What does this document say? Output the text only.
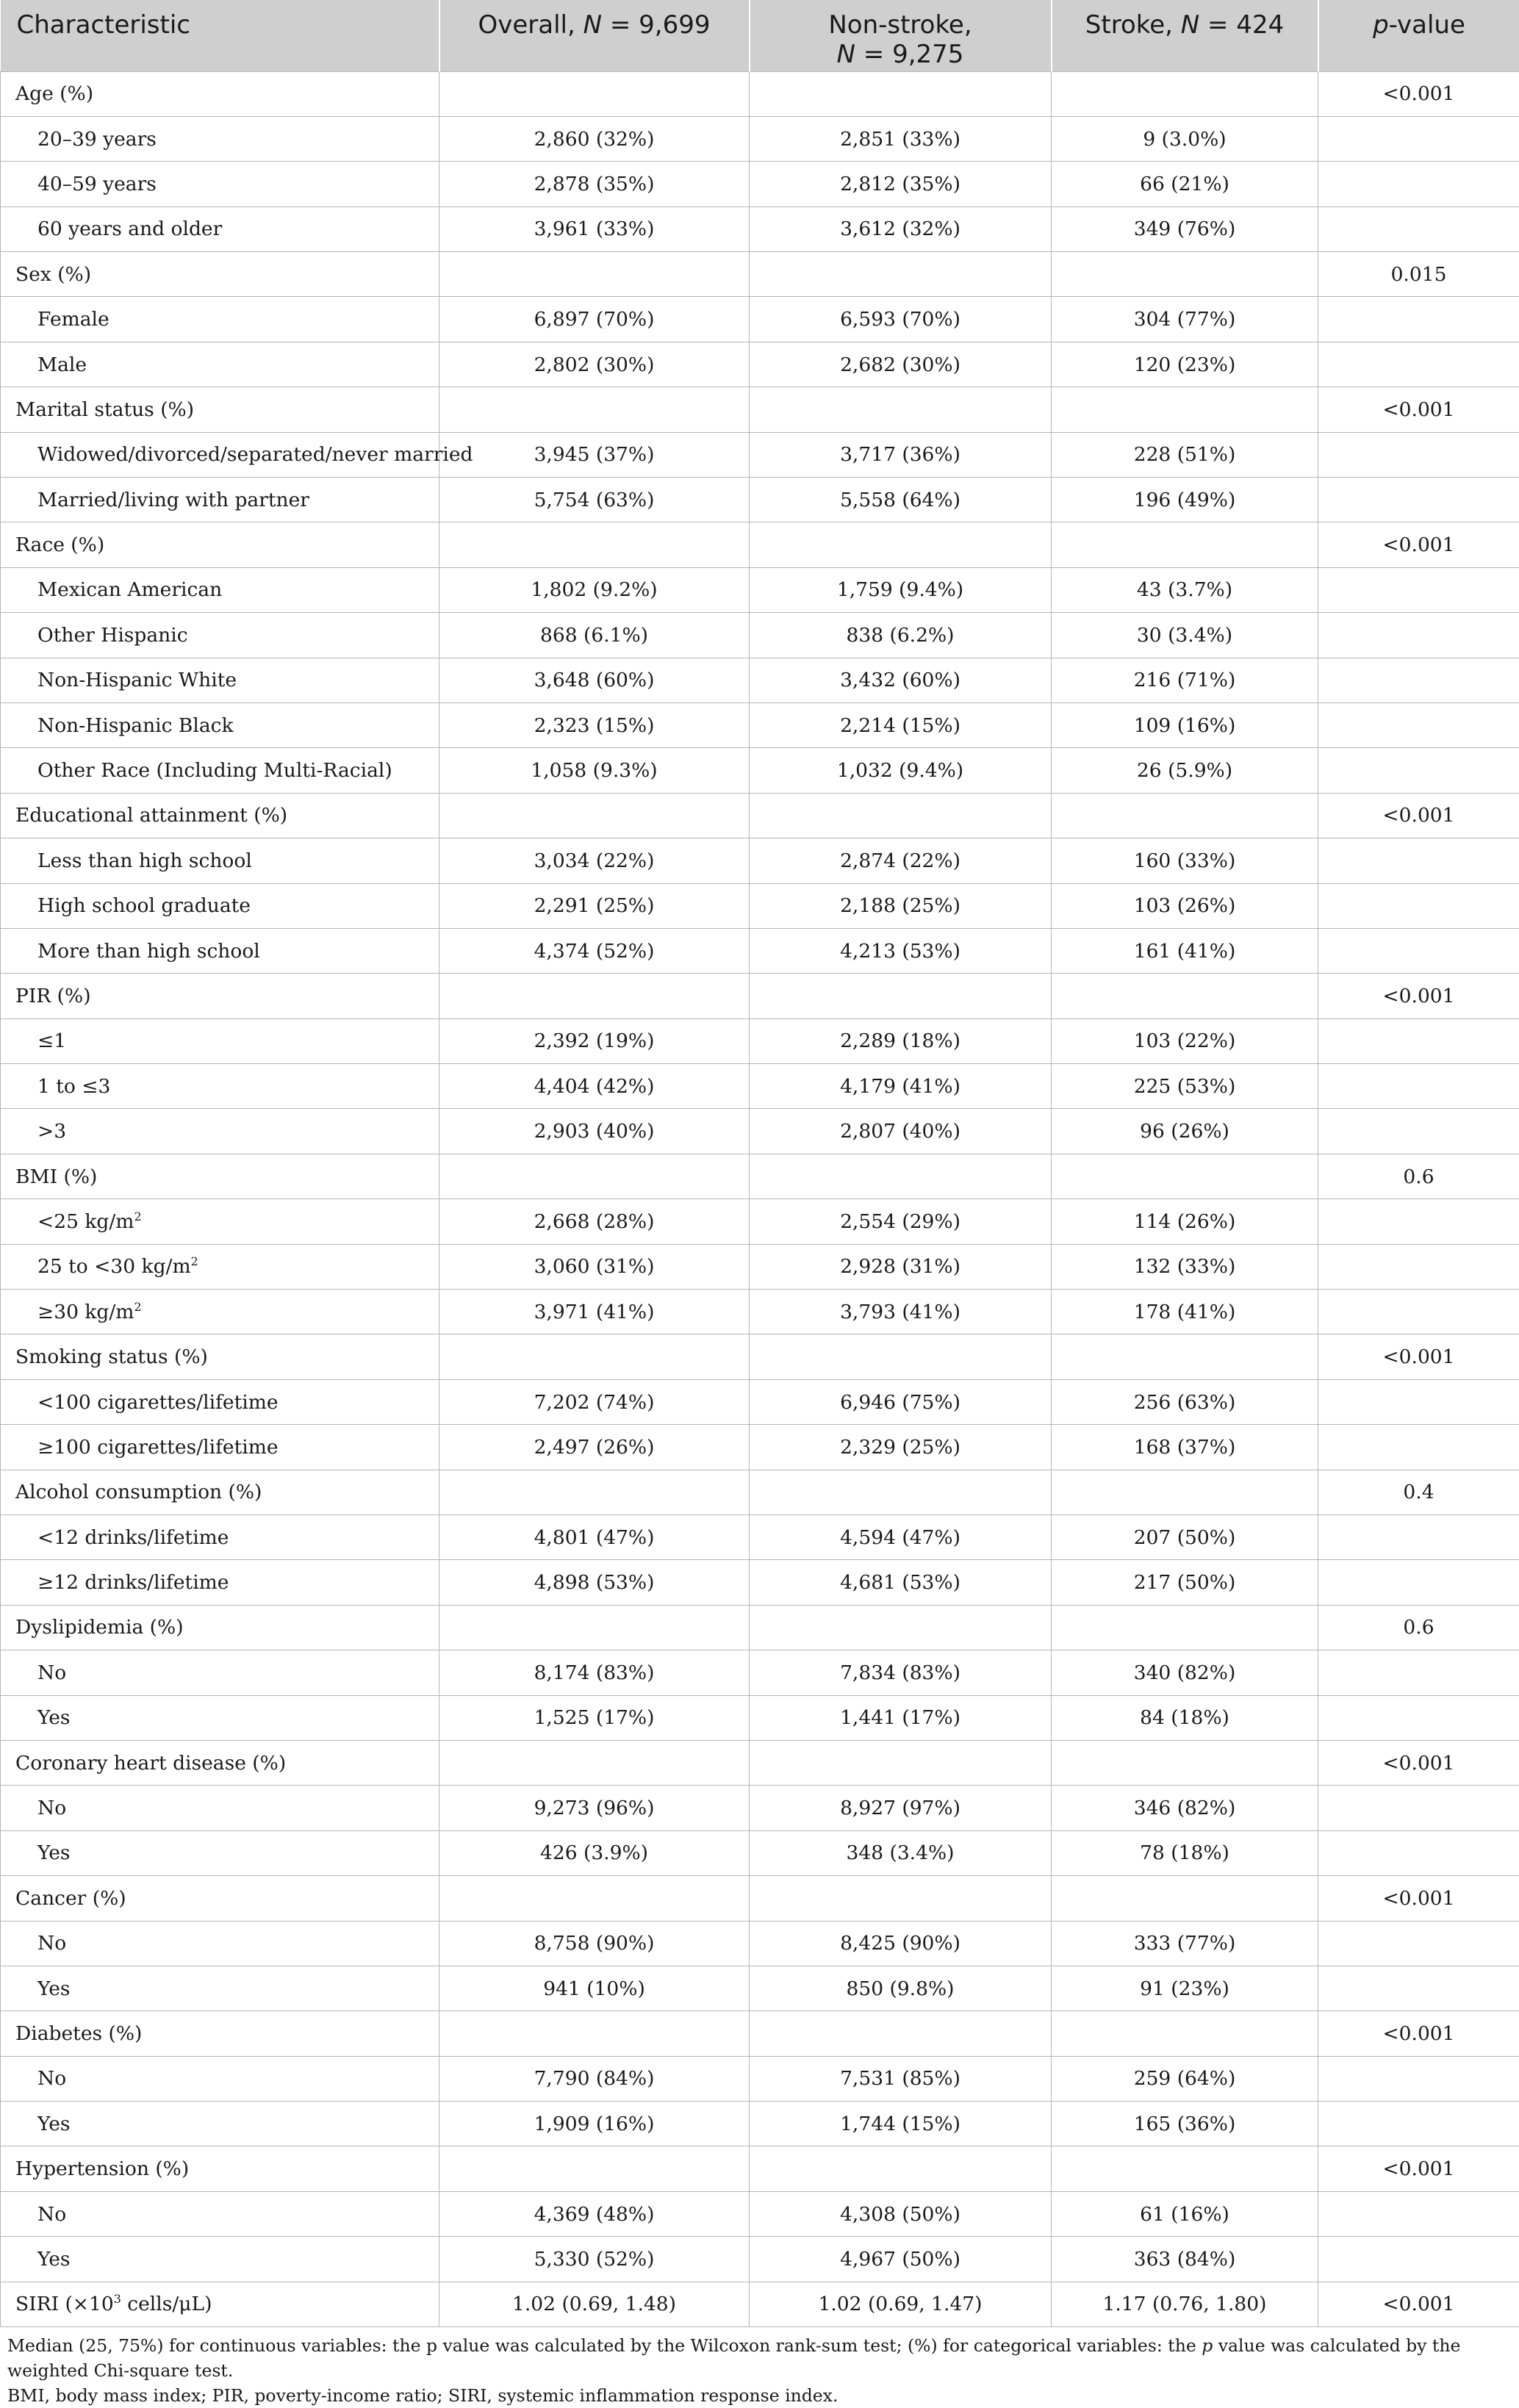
Characteristic	Overall, N = 9,699	Non-stroke,
N = 9,275	Stroke, N = 424	p-value
Age (%)				<0.001
20–39 years	2,860 (32%)	2,851 (33%)	9 (3.0%)	
40–59 years	2,878 (35%)	2,812 (35%)	66 (21%)	
60 years and older	3,961 (33%)	3,612 (32%)	349 (76%)	
Sex (%)				0.015
Female	6,897 (70%)	6,593 (70%)	304 (77%)	
Male	2,802 (30%)	2,682 (30%)	120 (23%)	
Marital status (%)				<0.001
Widowed/divorced/separated/never married	3,945 (37%)	3,717 (36%)	228 (51%)	
Married/living with partner	5,754 (63%)	5,558 (64%)	196 (49%)	
Race (%)				<0.001
Mexican American	1,802 (9.2%)	1,759 (9.4%)	43 (3.7%)	
Other Hispanic	868 (6.1%)	838 (6.2%)	30 (3.4%)	
Non-Hispanic White	3,648 (60%)	3,432 (60%)	216 (71%)	
Non-Hispanic Black	2,323 (15%)	2,214 (15%)	109 (16%)	
Other Race (Including Multi-Racial)	1,058 (9.3%)	1,032 (9.4%)	26 (5.9%)	
Educational attainment (%)				<0.001
Less than high school	3,034 (22%)	2,874 (22%)	160 (33%)	
High school graduate	2,291 (25%)	2,188 (25%)	103 (26%)	
More than high school	4,374 (52%)	4,213 (53%)	161 (41%)	
PIR (%)				<0.001
≤1	2,392 (19%)	2,289 (18%)	103 (22%)	
1 to ≤3	4,404 (42%)	4,179 (41%)	225 (53%)	
>3	2,903 (40%)	2,807 (40%)	96 (26%)	
BMI (%)				0.6
<25 $kg/m^2$	2,668 (28%)	2,554 (29%)	114 (26%)	
25 to <30 $kg/m^2$	3,060 (31%)	2,928 (31%)	132 (33%)	
≥30 $kg/m^2$	3,971 (41%)	3,793 (41%)	178 (41%)	
Smoking status (%)				<0.001
<100 cigarettes/lifetime	7,202 (74%)	6,946 (75%)	256 (63%)	
≥100 cigarettes/lifetime	2,497 (26%)	2,329 (25%)	168 (37%)	
Alcohol consumption (%)				0.4
<12 drinks/lifetime	4,801 (47%)	4,594 (47%)	207 (50%)	
≥12 drinks/lifetime	4,898 (53%)	4,681 (53%)	217 (50%)	
Dyslipidemia (%)				0.6
No	8,174 (83%)	7,834 (83%)	340 (82%)	
Yes	1,525 (17%)	1,441 (17%)	84 (18%)	
Coronary heart disease (%)				<0.001
No	9,273 (96%)	8,927 (97%)	346 (82%)	
Yes	426 (3.9%)	348 (3.4%)	78 (18%)	
Cancer (%)				<0.001
No	8,758 (90%)	8,425 (90%)	333 (77%)	
Yes	941 (10%)	850 (9.8%)	91 (23%)	
Diabetes (%)				<0.001
No	7,790 (84%)	7,531 (85%)	259 (64%)	
Yes	1,909 (16%)	1,744 (15%)	165 (36%)	
Hypertension (%)				<0.001
No	4,369 (48%)	4,308 (50%)	61 (16%)	
Yes	5,330 (52%)	4,967 (50%)	363 (84%)	
SIRI ($\times 10^3$ cells/μL)	1.02 (0.69, 1.48)	1.02 (0.69, 1.47)	1.17 (0.76, 1.80)	<0.001

Median (25, 75%) for continuous variables: the p value was calculated by the Wilcoxon rank-sum test; (%) for categorical variables: the p value was calculated by the weighted Chi-square test.

BMI, body mass index; PIR, poverty-income ratio; SIRI, systemic inflammation response index.
